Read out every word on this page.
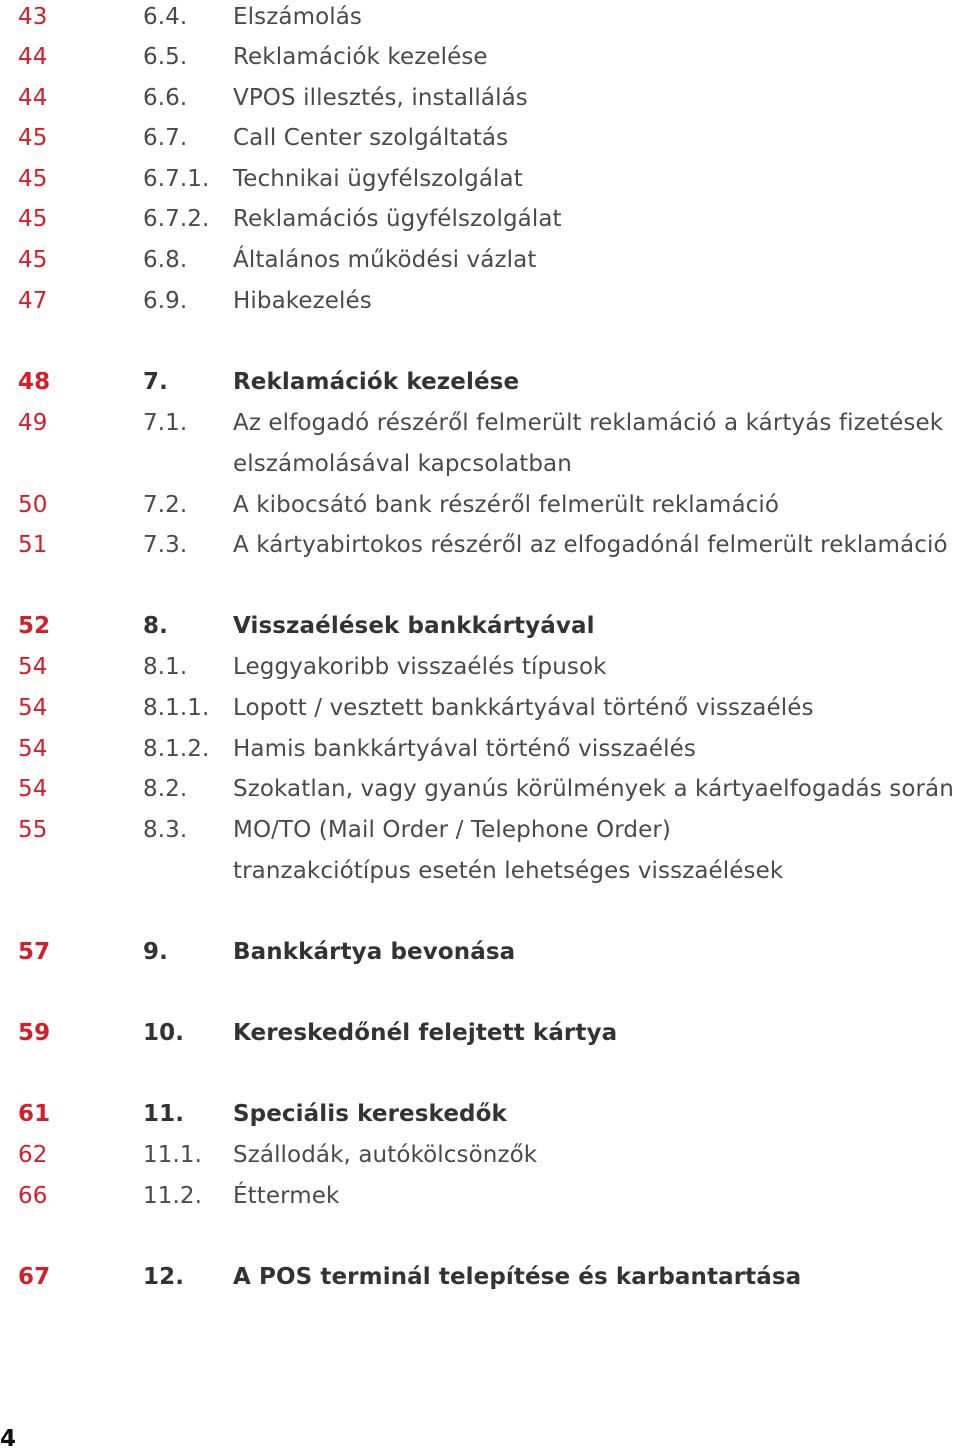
43	6.4. Elszámolás
44	6.5. Reklamációk kezelése
44	6.6. VPOS illesztés, installálás
45	6.7. Call Center szolgáltatás
45	6.7.1. Technikai ügyfélszolgálat
45	6.7.2. Reklamációs ügyfélszolgálat
45	6.8. Általános működési vázlat
47	6.9. Hibakezelés
48	7.	Reklamációk kezelése
49	7.1. Az elfogadó részéről felmerült reklamáció a kártyás fizetések
elszámolásával kapcsolatban
50	7.2. A kibocsátó bank részéről felmerült reklamáció
51	7.3. A kártyabirtokos részéről az elfogadónál felmerült reklamáció
52	8.	Visszaélések bankkártyával
54	8.1. Leggyakoribb visszaélés típusok
54	8.1.1. Lopott / vesztett bankkártyával történő visszaélés
54	8.1.2. Hamis bankkártyával történő visszaélés
54	8.2. Szokatlan, vagy gyanús körülmények a kártyaelfogadás során
55	8.3. MO/TO (Mail Order / Telephone Order)
tranzakciótípus esetén lehetséges visszaélések
57	9.	Bankkártya bevonása
59	10. Kereskedőnél felejtett kártya
61	11. Speciális kereskedők
62	11.1. Szállodák, autókölcsönzők
66	11.2. Éttermek
67	12. A POS terminál telepítése és karbantartása
4
